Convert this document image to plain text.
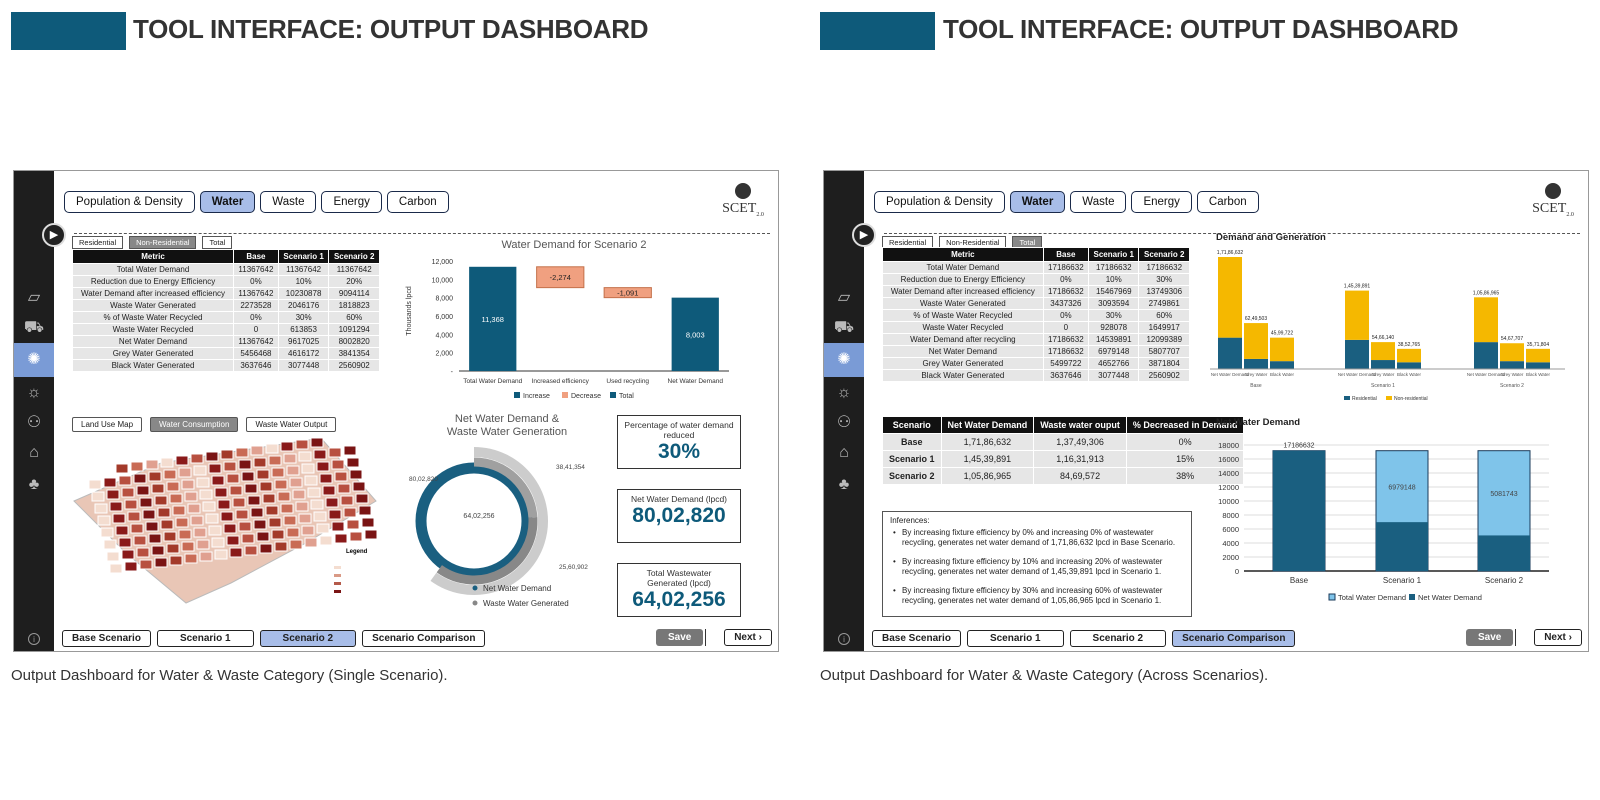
TOOL INTERFACE: OUTPUT DASHBOARD
▱
⛟
✺
☼
⚇
⌂
♣
i
▶
Population & Density	Water	Waste	Energy	Carbon	$SCET_{2.0}$
Residential	Non-Residential	Total
Metric	Base	Scenario 1	Scenario 2
Total Water Demand	11367642	11367642	11367642
Reduction due to Energy Efficiency	0%	10%	20%
Water Demand after increased efficiency	11367642	10230878	9094114
Waste Water Generated	2273528	2046176	1818823
% of Waste Water Recycled	0%	30%	60%
Waste Water Recycled	0	613853	1091294
Net Water Demand	11367642	9617025	8002820
Grey Water Generated	5456468	4616172	3841354
Black Water Generated	3637646	3077448	2560902
Water Demand for Scenario 2
-
2,000
4,000
6,000
8,000
10,000
12,000
Thousands lpcd	11,368
Total Water Demand
-2,274
Increased efficiency
-1,091
Used recycling
8,003
Net Water Demand
Increase	Decrease	Total
Land Use Map	Water Consumption	Waste Water Output
Legend
Net Water Demand & Waste Water Generation
64,02,256
80,02,820
38,41,354
25,60,902
Net Water Demand
Waste Water Generated
Percentage of water demand reduced
30%
Net Water Demand (lpcd)
80,02,820
Total Wastewater Generated (lpcd)
64,02,256
Base Scenario	Scenario 1	Scenario 2	Scenario Comparison	Save	Next ›
Output Dashboard for Water & Waste Category (Single Scenario).
TOOL INTERFACE: OUTPUT DASHBOARD
▱
⛟
✺
☼
⚇
⌂
♣
i
▶
Population & Density	Water	Waste	Energy	Carbon	$SCET_{2.0}$
Residential	Non-Residential	Total
Metric	Base	Scenario 1	Scenario 2
Total Water Demand	17186632	17186632	17186632
Reduction due to Energy Efficiency	0%	10%	30%
Water Demand after increased efficiency	17186632	15467969	13749306
Waste Water Generated	3437326	3093594	2749861
% of Waste Water Recycled	0%	30%	60%
Waste Water Recycled	0	928078	1649917
Water Demand after recycling	17186632	14539891	12099389
Net Water Demand	17186632	6979148	5807707
Grey Water Generated	5499722	4652766	3871804
Black Water Generated	3637646	3077448	2560902
Demand and Generation
1,71,86,632
Net Water Demand
62,49,503
Grey Water
45,99,722
Black Water
Base
1,45,39,891
Net Water Demand
54,66,140
Grey Water
38,52,765
Black Water
Scenario 1
1,05,86,965
Net Water Demand
54,67,707
Grey Water
35,71,804
Black Water
Scenario 2
Residential	Non-residential
Scenario	Net Water Demand	Waste water ouput	% Decreased in Demand
Base	1,71,86,632	1,37,49,306	0%
Scenario 1	1,45,39,891	1,16,31,913	15%
Scenario 2	1,05,86,965	84,69,572	38%
Inferences:
• By increasing fixture efficiency by 0% and increasing 0% of wastewater recycling, generates net water demand of 1,71,86,632 lpcd in Base Scenario.
• By increasing fixture efficiency by 10% and increasing 20% of wastewater recycling, generates net water demand of 1,45,39,891 lpcd in Scenario 1.
• By increasing fixture efficiency by 30% and increasing 60% of wastewater recycling, generates net water demand of 1,05,86,965 lpcd in Scenario 1.
Net Water Demand
0
2000
4000
6000
8000
10000
12000
14000
16000
18000	17186632
Base
6979148
Scenario 1
5081743
Scenario 2
Total Water Demand Net Water Demand
Base Scenario	Scenario 1	Scenario 2	Scenario Comparison	Save	Next ›
Output Dashboard for Water & Waste Category (Across Scenarios).
